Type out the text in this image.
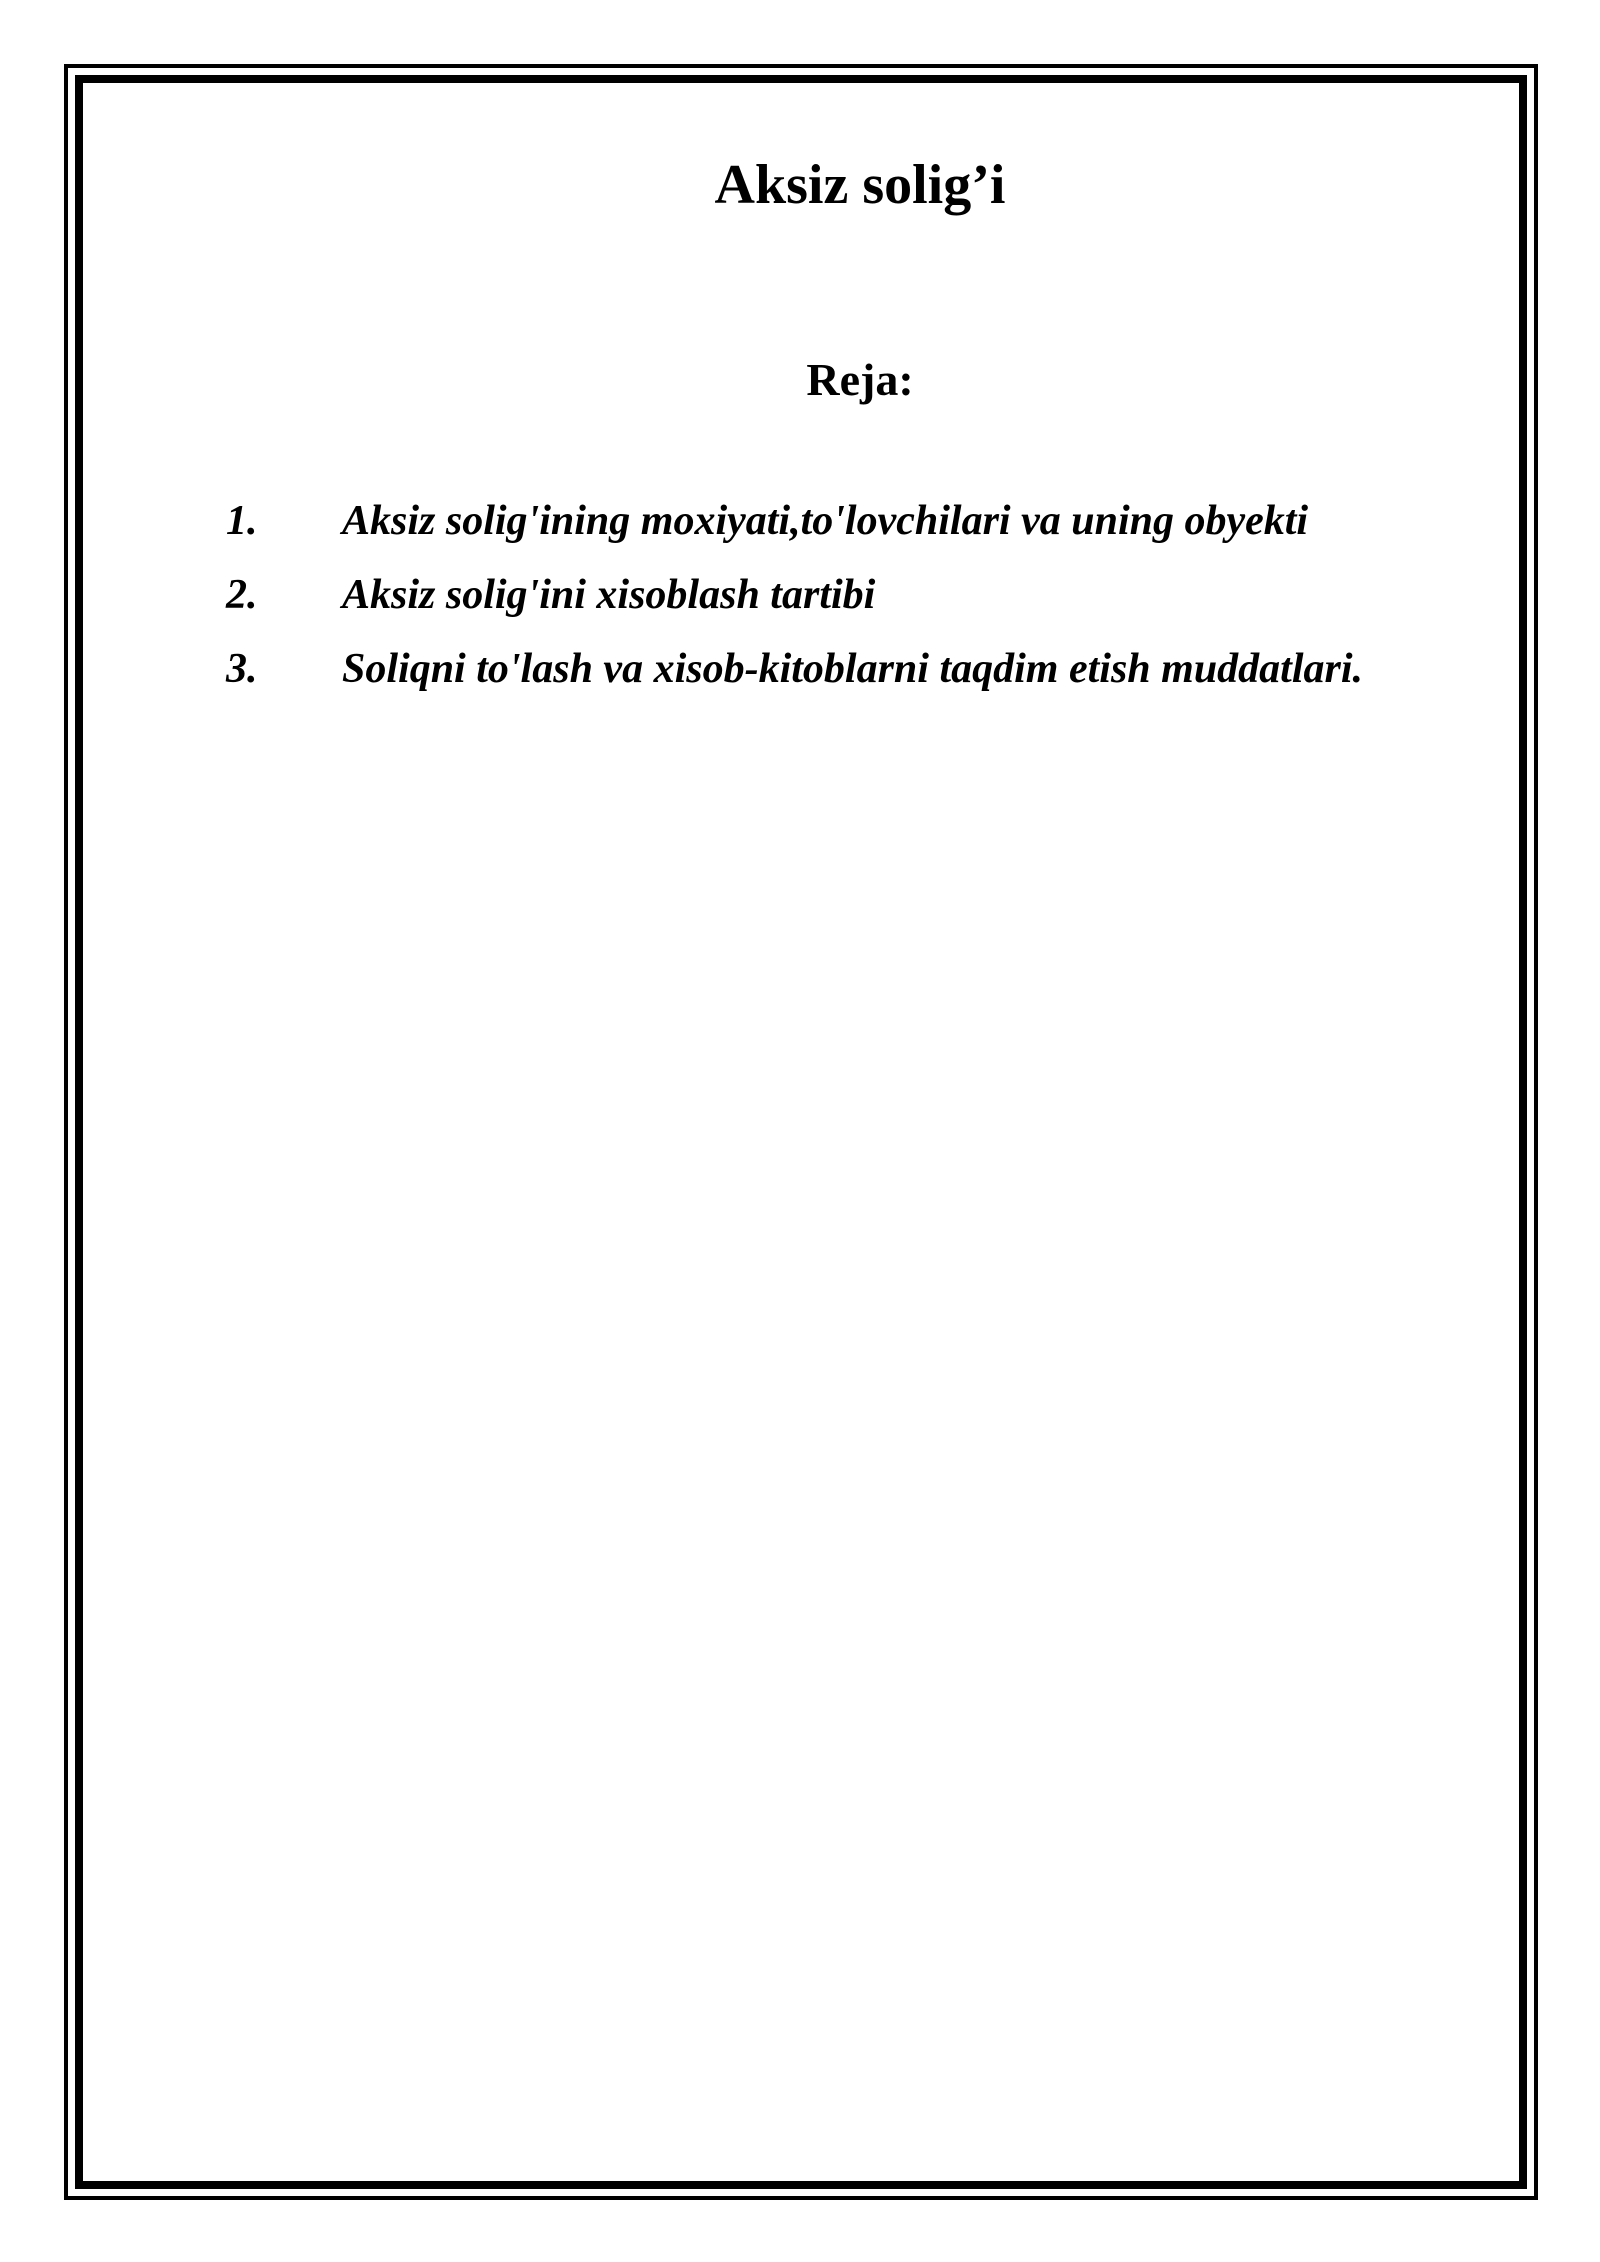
Aksiz solig’i
Reja:
1.	Aksiz solig'ining moxiyati,to'lovchilari va uning obyekti
2.	Aksiz solig'ini xisoblash tartibi
3.	Soliqni to'lash va xisob-kitoblarni taqdim etish muddatlari.
